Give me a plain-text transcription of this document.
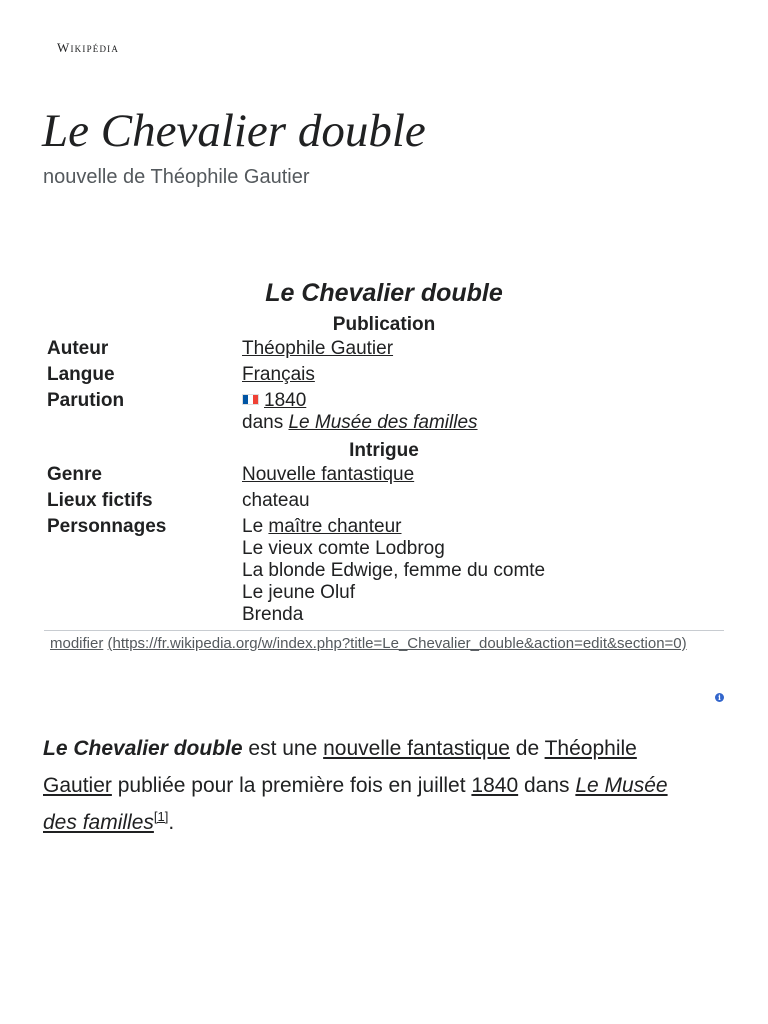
Wikipédia
Le Chevalier double
nouvelle de Théophile Gautier
Le Chevalier double
Publication
Auteur	Théophile Gautier
Langue	Français
Parution	1840
dans Le Musée des familles
Intrigue
Genre	Nouvelle fantastique
Lieux fictifs	chateau
Personnages	Le maître chanteur
Le vieux comte Lodbrog
La blonde Edwige, femme du comte
Le jeune Oluf
Brenda
modifier (https://fr.wikipedia.org/w/index.php?title=Le_Chevalier_double&action=edit&section=0)
i

Le Chevalier double est une nouvelle fantastique de Théophile Gautier publiée pour la première fois en juillet 1840 dans Le Musée des familles[1].
